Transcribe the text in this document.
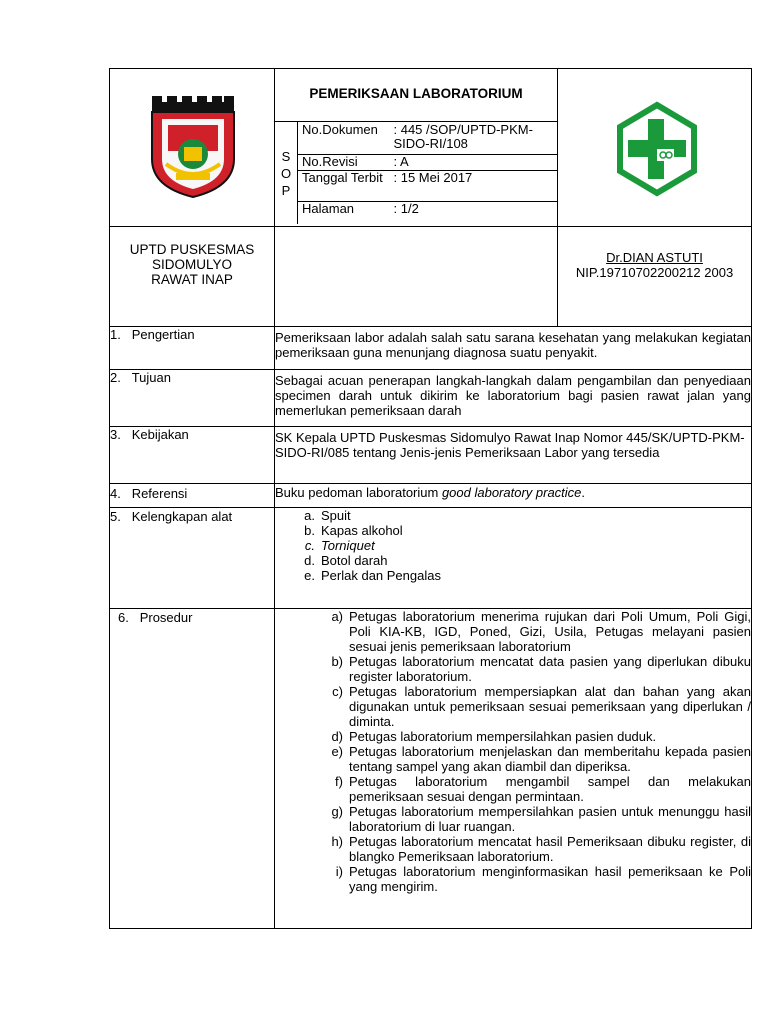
PEMERIKSAAN LABORATORIUM
S
O
P
	No.Dokumen	: 445 /SOP/UPTD-PKM-SIDO-RI/108
No.Revisi	: A
Tanggal Terbit	: 15 Mei 2017
Halaman	: 1/2

UPTD PUSKESMAS
SIDOMULYO
RAWAT INAP

Dr.DIAN ASTUTI
NIP.19710702200212 2003

1. Pengertian	Pemeriksaan labor adalah salah satu sarana kesehatan yang melakukan kegiatan pemeriksaan guna menunjang diagnosa suatu penyakit.

2. Tujuan	Sebagai acuan penerapan langkah-langkah dalam pengambilan dan penyediaan specimen darah untuk dikirim ke laboratorium bagi pasien rawat jalan yang memerlukan pemeriksaan darah

3. Kebijakan	SK Kepala UPTD Puskesmas Sidomulyo Rawat Inap Nomor 445/SK/UPTD-PKM-SIDO-RI/085 tentang Jenis-jenis Pemeriksaan Labor yang tersedia

4. Referensi	Buku pedoman laboratorium good laboratory practice.
5. Kelengkapan alat	a. Spuit
b. Kapas alkohol
c. Torniquet
d. Botol darah
e. Perlak dan Pengalas

6. Prosedur	a) Petugas laboratorium menerima rujukan dari Poli Umum, Poli Gigi, Poli KIA-KB, IGD, Poned, Gizi, Usila, Petugas melayani pasien sesuai jenis pemeriksaan laboratorium
b) Petugas laboratorium mencatat data pasien yang diperlukan dibuku register laboratorium.
c) Petugas laboratorium mempersiapkan alat dan bahan yang akan digunakan untuk pemeriksaan sesuai pemeriksaan yang diperlukan / diminta.
d) Petugas laboratorium mempersilahkan pasien duduk.
e) Petugas laboratorium menjelaskan dan memberitahu kepada pasien tentang sampel yang akan diambil dan diperiksa.
f) Petugas laboratorium mengambil sampel dan melakukan pemeriksaan sesuai dengan permintaan.
g) Petugas laboratorium mempersilahkan pasien untuk menunggu hasil laboratorium di luar ruangan.
h) Petugas laboratorium mencatat hasil Pemeriksaan dibuku register, di blangko Pemeriksaan laboratorium.
i) Petugas laboratorium menginformasikan hasil pemeriksaan ke Poli yang mengirim.
